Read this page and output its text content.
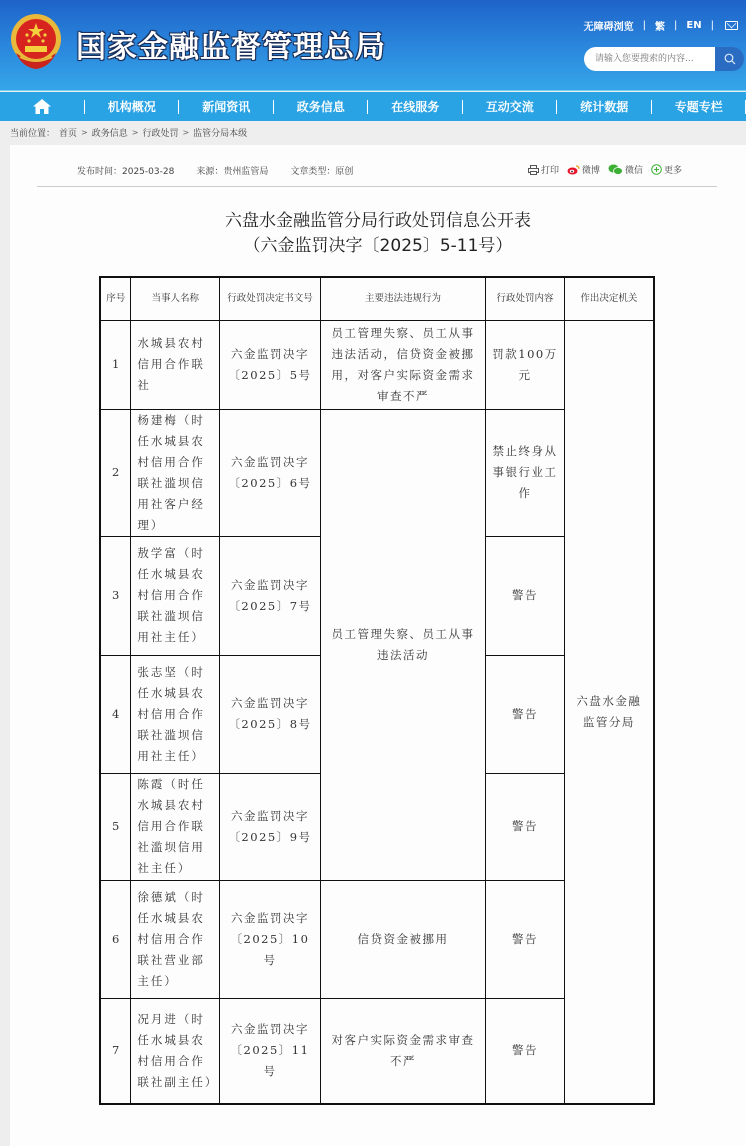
国家金融监督管理总局
无障碍浏览 | 繁 | EN |
请输入您要搜索的内容...
机构概况	新闻资讯	政务信息	在线服务	互动交流	统计数据	专题专栏
当前位置： 首页 > 政务信息 > 行政处罚 > 监管分局本级
发布时间：2025-03-28 来源：贵州监管局 文章类型：原创	打印	微博	微信 更多
六盘水金融监管分局行政处罚信息公开表
（六金监罚决字〔2025〕5-11号）
序号	当事人名称	行政处罚决定书文号	主要违法违规行为	行政处罚内容	作出决定机关
1	水城县农村信用合作联社	六金监罚决字〔2025〕5号	员工管理失察、员工从事违法活动，信贷资金被挪用，对客户实际资金需求审查不严	罚款100万元	六盘水金融监管分局
2	杨建梅（时任水城县农村信用合作联社滥坝信用社客户经理）	六金监罚决字〔2025〕6号	员工管理失察、员工从事违法活动	禁止终身从事银行业工作	
3	敖学富（时任水城县农村信用合作联社滥坝信用社主任）	六金监罚决字〔2025〕7号		警告	
4	张志坚（时任水城县农村信用合作联社滥坝信用社主任）	六金监罚决字〔2025〕8号		警告	
5	陈霞（时任水城县农村信用合作联社滥坝信用社主任）	六金监罚决字〔2025〕9号		警告	
6	徐德斌（时任水城县农村信用合作联社营业部主任）	六金监罚决字〔2025〕10号	信贷资金被挪用	警告	
7	况月进（时任水城县农村信用合作联社副主任）	六金监罚决字〔2025〕11号	对客户实际资金需求审查不严	警告	
